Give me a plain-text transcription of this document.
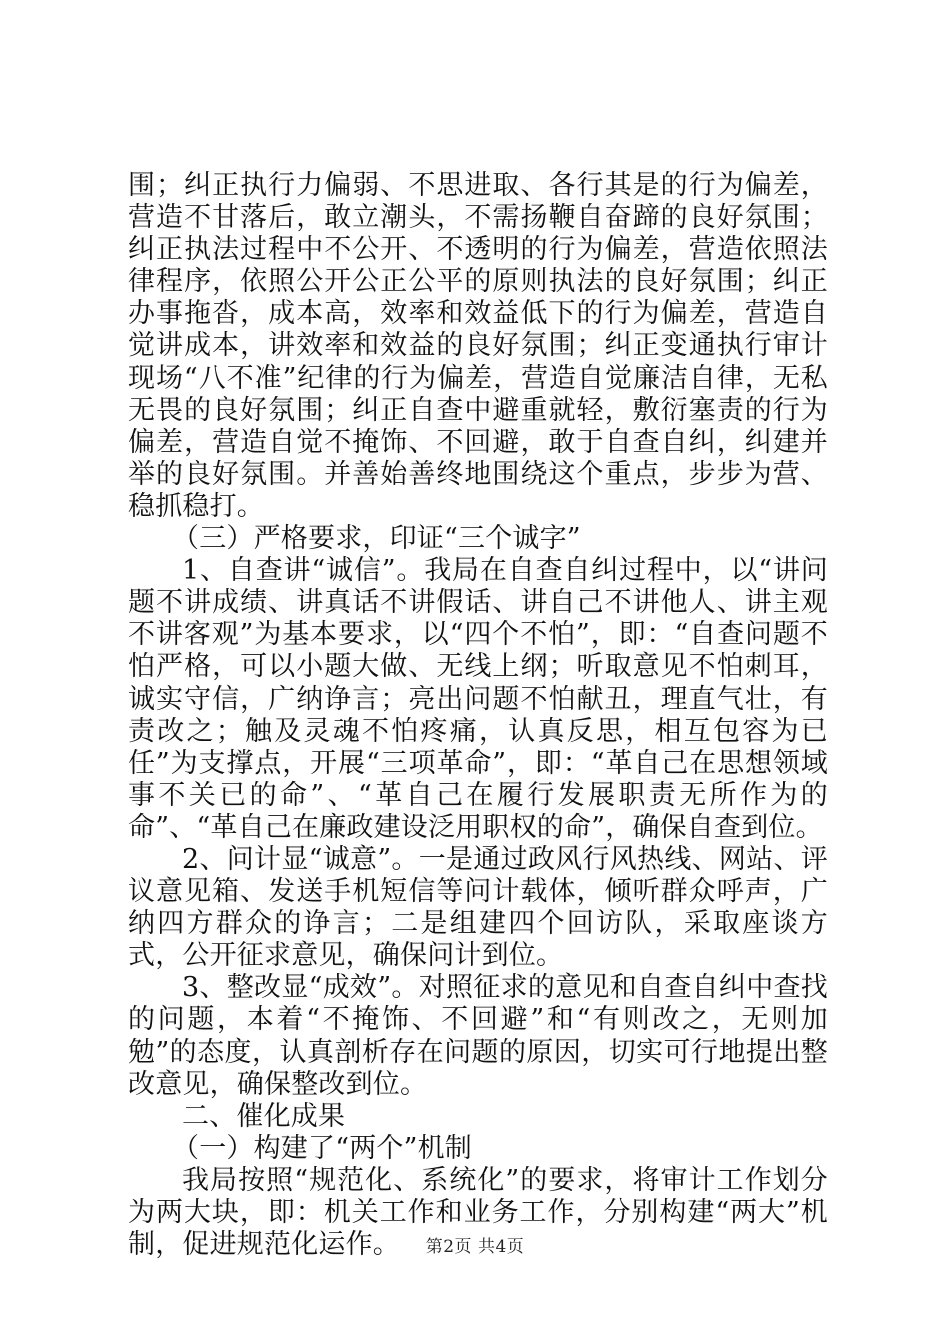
围；纠正执行力偏弱、不思进取、各行其是的行为偏差，营造不甘落后，敢立潮头，不需扬鞭自奋蹄的良好氛围；纠正执法过程中不公开、不透明的行为偏差，营造依照法律程序，依照公开公正公平的原则执法的良好氛围；纠正办事拖沓，成本高，效率和效益低下的行为偏差，营造自觉讲成本，讲效率和效益的良好氛围；纠正变通执行审计现场“八不准”纪律的行为偏差，营造自觉廉洁自律，无私无畏的良好氛围；纠正自查中避重就轻，敷衍塞责的行为偏差，营造自觉不掩饰、不回避，敢于自查自纠，纠建并举的良好氛围。并善始善终地围绕这个重点，步步为营、稳抓稳打。

（三）严格要求，印证“三个诚字”

1、自查讲“诚信”。我局在自查自纠过程中，以“讲问题不讲成绩、讲真话不讲假话、讲自己不讲他人、讲主观不讲客观”为基本要求，以“四个不怕”，即：“自查问题不怕严格，可以小题大做、无线上纲；听取意见不怕刺耳，诚实守信，广纳诤言；亮出问题不怕献丑，理直气壮，有责改之；触及灵魂不怕疼痛，认真反思，相互包容为已任”为支撑点，开展“三项革命”，即：“革自己在思想领域事不关已的命”、“革自己在履行发展职责无所作为的命”、“革自己在廉政建设泛用职权的命”，确保自查到位。

2、问计显“诚意”。一是通过政风行风热线、网站、评议意见箱、发送手机短信等问计载体，倾听群众呼声，广纳四方群众的诤言；二是组建四个回访队，采取座谈方式，公开征求意见，确保问计到位。

3、整改显“成效”。对照征求的意见和自查自纠中查找的问题，本着“不掩饰、不回避”和“有则改之，无则加勉”的态度，认真剖析存在问题的原因，切实可行地提出整改意见，确保整改到位。

二、催化成果

（一）构建了“两个”机制

我局按照“规范化、系统化”的要求，将审计工作划分为两大块，即：机关工作和业务工作，分别构建“两大”机制，促进规范化运作。	第2页 共4页
